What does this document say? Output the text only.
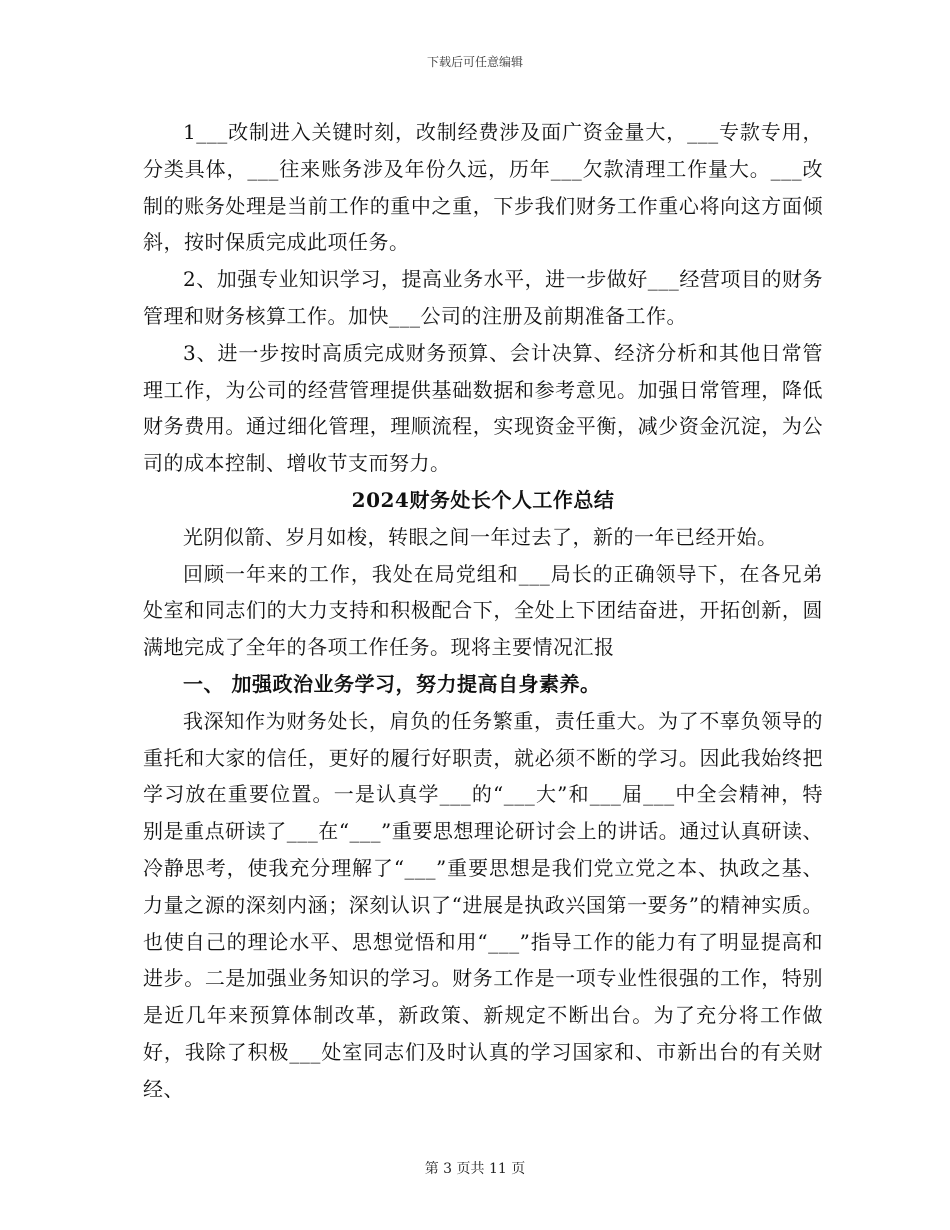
下载后可任意编辑

1___改制进入关键时刻，改制经费涉及面广资金量大，___专款专用，分类具体，___往来账务涉及年份久远，历年___欠款清理工作量大。___改制的账务处理是当前工作的重中之重，下步我们财务工作重心将向这方面倾斜，按时保质完成此项任务。

2、加强专业知识学习，提高业务水平，进一步做好___经营项目的财务管理和财务核算工作。加快___公司的注册及前期准备工作。

3、进一步按时高质完成财务预算、会计决算、经济分析和其他日常管理工作，为公司的经营管理提供基础数据和参考意见。加强日常管理，降低财务费用。通过细化管理，理顺流程，实现资金平衡，减少资金沉淀，为公司的成本控制、增收节支而努力。

2024财务处长个人工作总结

光阴似箭、岁月如梭，转眼之间一年过去了，新的一年已经开始。

回顾一年来的工作，我处在局党组和___局长的正确领导下，在各兄弟处室和同志们的大力支持和积极配合下，全处上下团结奋进，开拓创新，圆满地完成了全年的各项工作任务。现将主要情况汇报

一、 加强政治业务学习，努力提高自身素养。

我深知作为财务处长，肩负的任务繁重，责任重大。为了不辜负领导的重托和大家的信任，更好的履行好职责，就必须不断的学习。因此我始终把学习放在重要位置。一是认真学___的“___大”和___届___中全会精神，特别是重点研读了___在“___”重要思想理论研讨会上的讲话。通过认真研读、冷静思考，使我充分理解了“___”重要思想是我们党立党之本、执政之基、力量之源的深刻内涵；深刻认识了“进展是执政兴国第一要务”的精神实质。也使自己的理论水平、思想觉悟和用“___”指导工作的能力有了明显提高和进步。二是加强业务知识的学习。财务工作是一项专业性很强的工作，特别是近几年来预算体制改革，新政策、新规定不断出台。为了充分将工作做好，我除了积极___处室同志们及时认真的学习国家和、市新出台的有关财经、

第 3 页共 11 页
